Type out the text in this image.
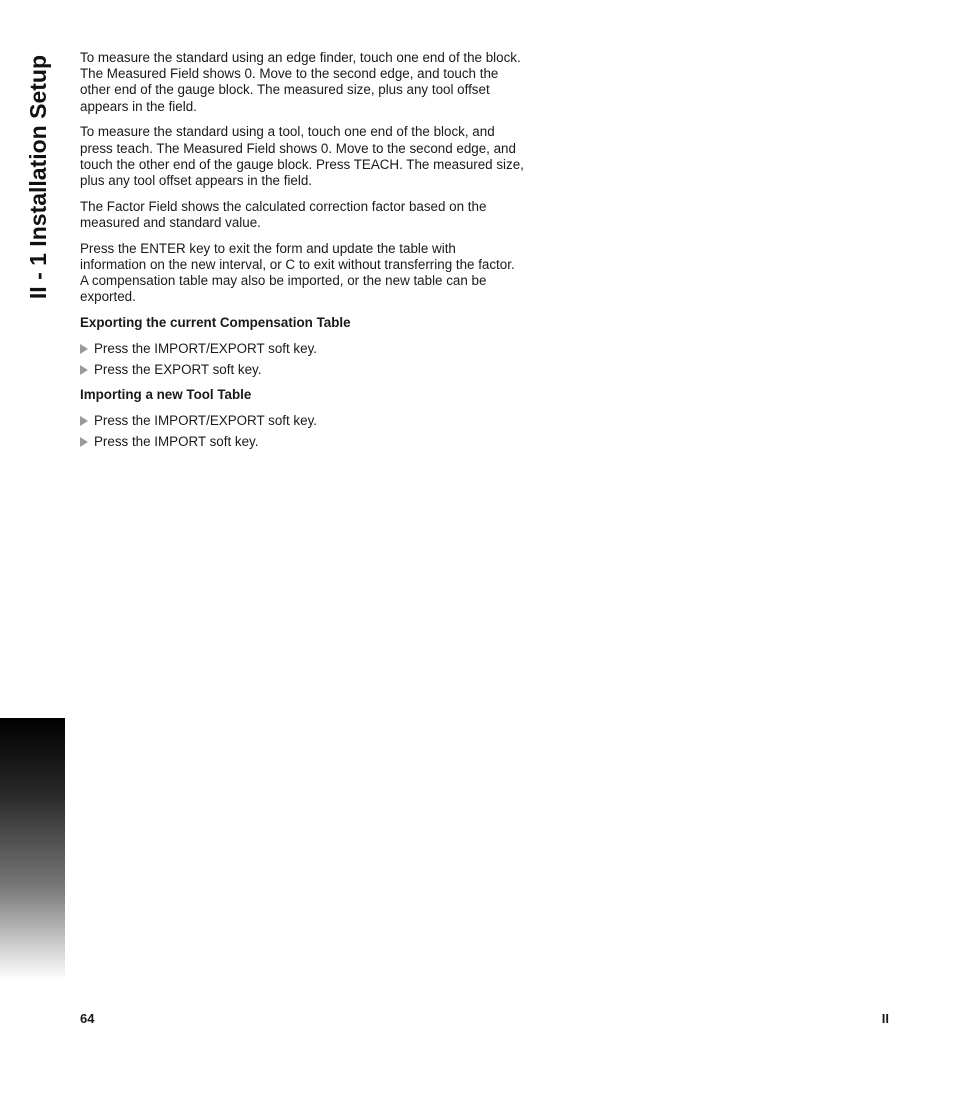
II - 1 Installation Setup To measure the standard using an edge finder, touch one end of the block. The Measured Field shows 0. Move to the second edge, and touch the other end of the gauge block. The measured size, plus any tool offset appears in the field.

To measure the standard using a tool, touch one end of the block, and press teach. The Measured Field shows 0. Move to the second edge, and touch the other end of the gauge block. Press TEACH. The measured size, plus any tool offset appears in the field.

The Factor Field shows the calculated correction factor based on the measured and standard value.

Press the ENTER key to exit the form and update the table with information on the new interval, or C to exit without transferring the factor. A compensation table may also be imported, or the new table can be exported.

Exporting the current Compensation Table
Press the IMPORT/EXPORT soft key.
Press the EXPORT soft key.
Importing a new Tool Table
Press the IMPORT/EXPORT soft key.
Press the IMPORT soft key.
64	II
